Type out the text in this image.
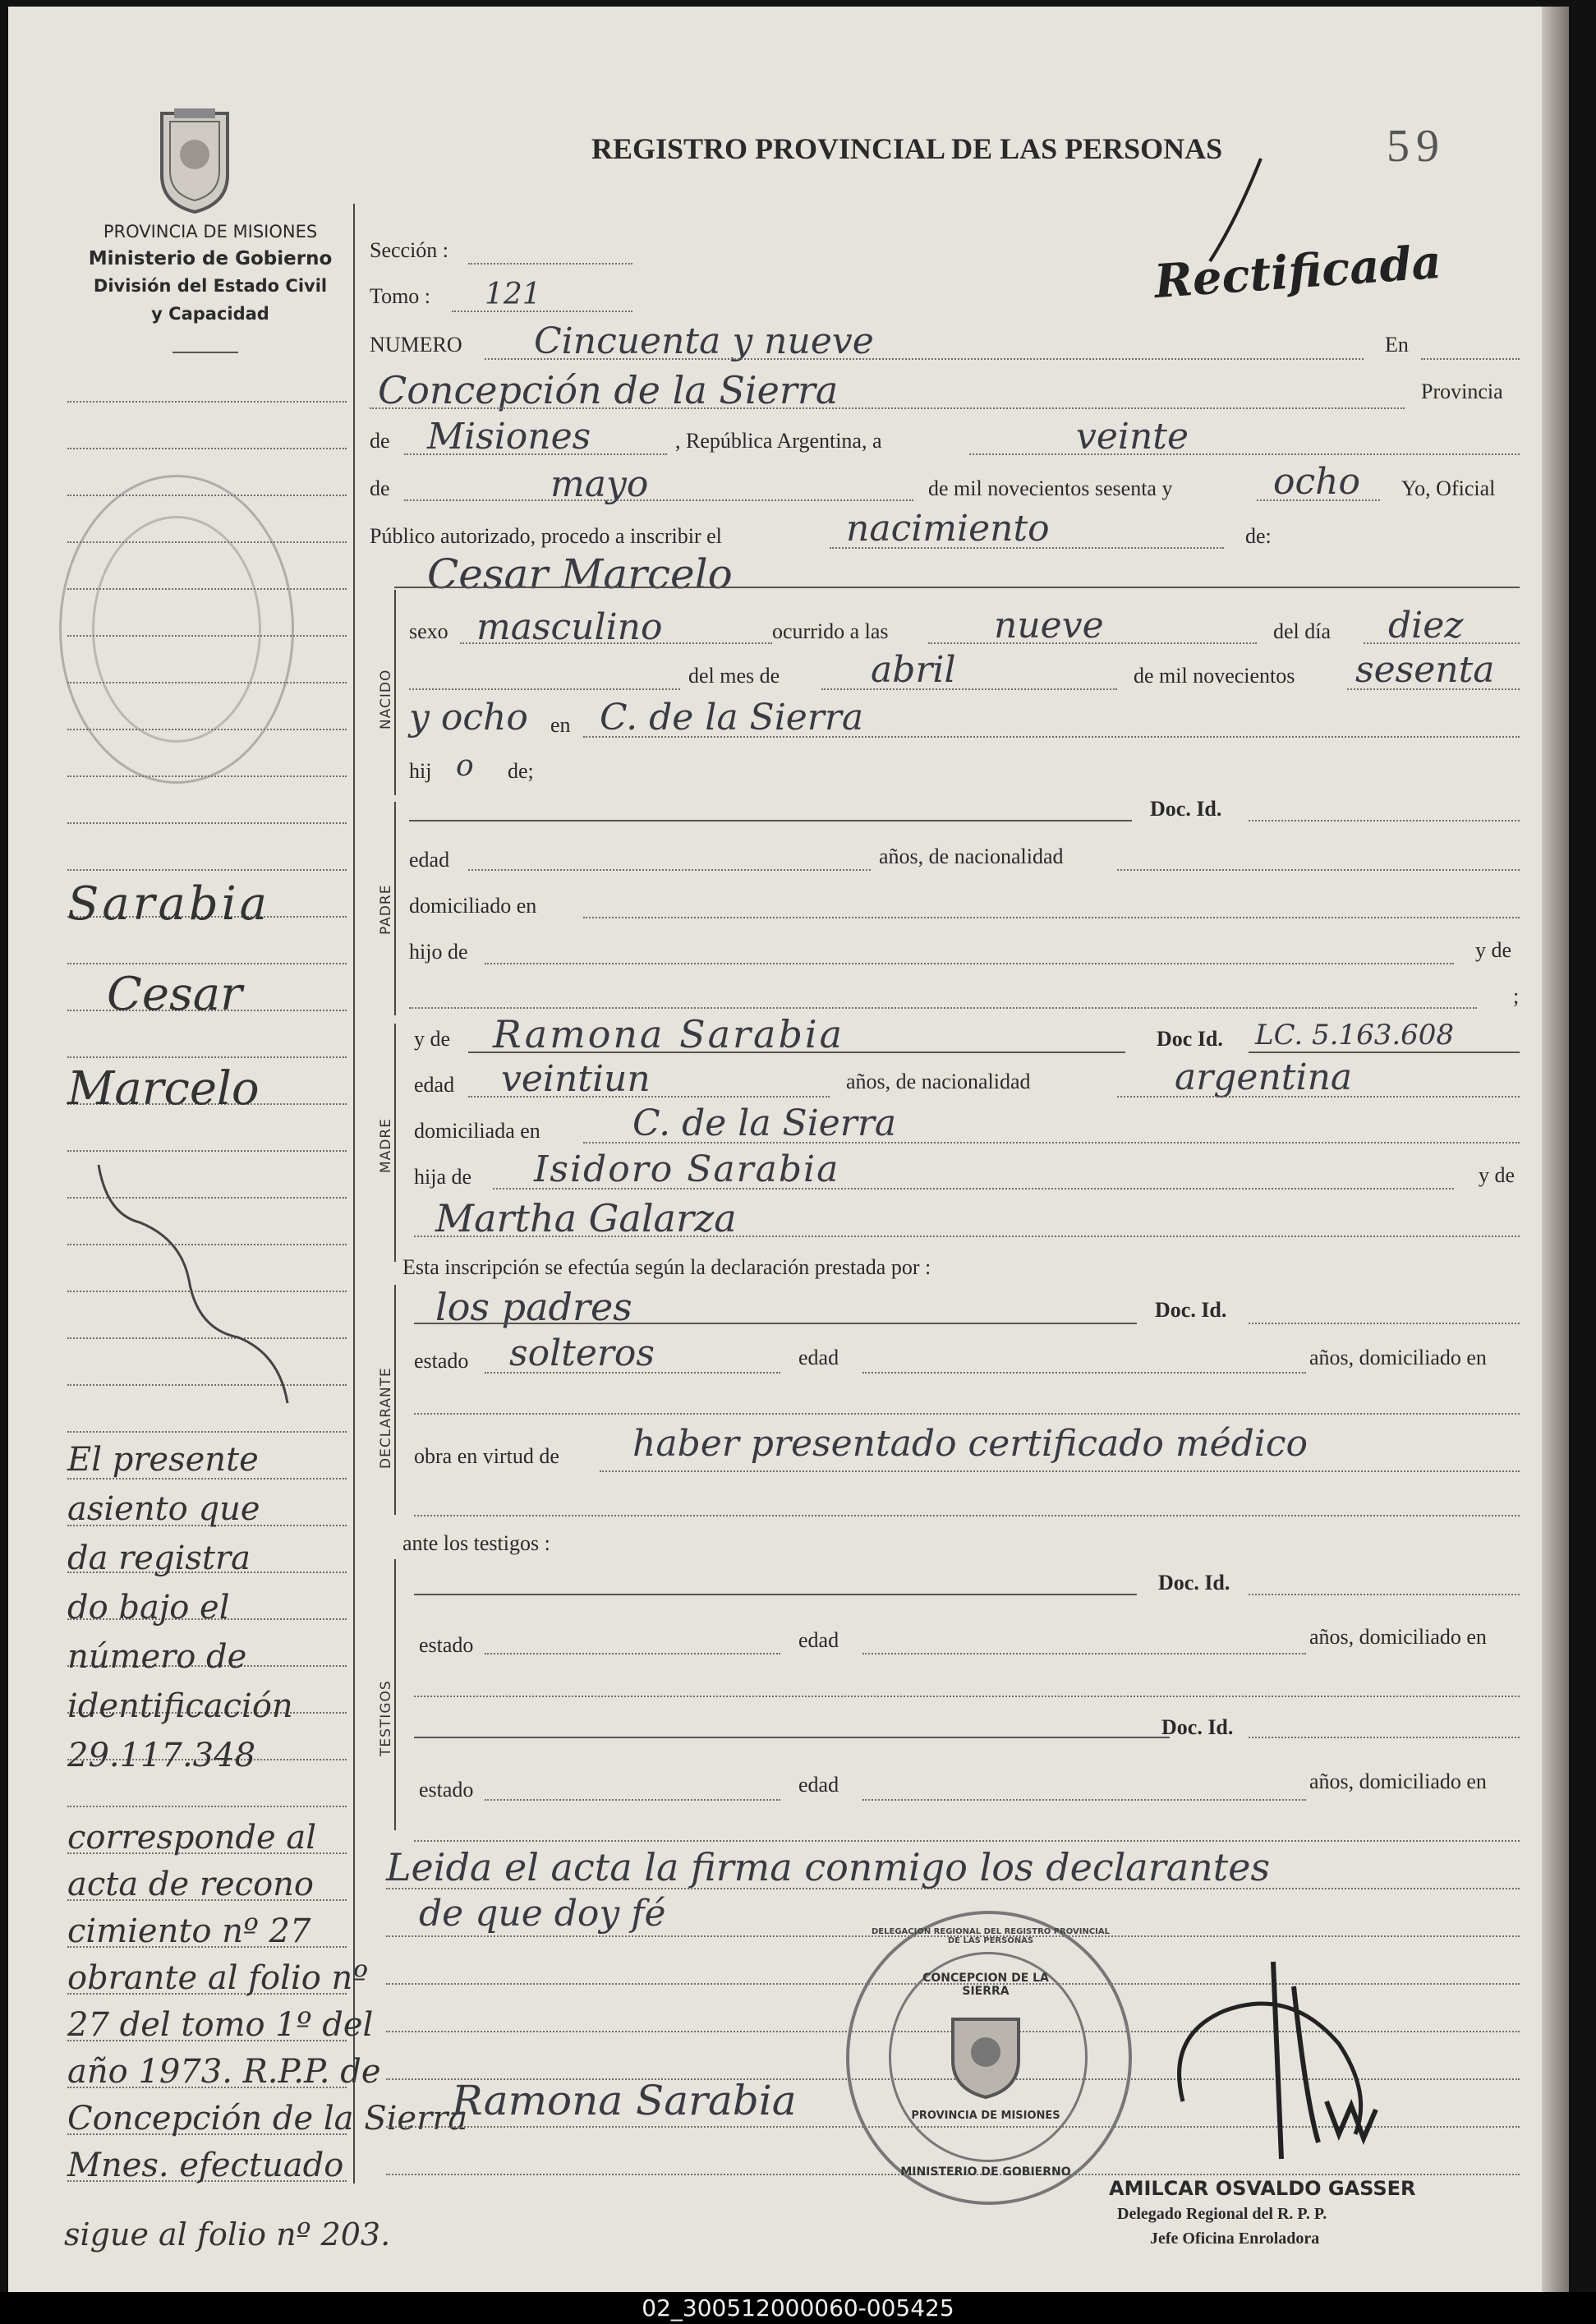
PROVINCIA DE MISIONES
Ministerio de Gobierno
División del Estado Civil
y Capacidad
REGISTRO PROVINCIAL DE LAS PERSONAS	59
Rectificada
Sarabia
Cesar
Marcelo
El presente
asiento que
da registra
do bajo el
número de
identificación
29.117.348
corresponde al
acta de recono
cimiento nº 27
obrante al folio nº
27 del tomo 1º del
año 1973. R.P.P. de
Concepción de la Sierra
Mnes. efectuado
sigue al folio nº 203.
Sección :
Tomo : 121
NUMERO Cincuenta y nueve	En
Concepción de la Sierra	Provincia
de Misiones	, República Argentina, a	veinte
de	mayo	de mil novecientos sesenta y	ocho Yo, Oficial
Público autorizado, procedo a inscribir el	nacimiento	de:
Cesar Marcelo
NACIDO
sexo masculino	ocurrido a las	nueve	del día diez
del mes de	abril	de mil novecientos sesenta
y ocho en C. de la Sierra
hij o de;
PADRE
Doc. Id.
edad	años, de nacionalidad
domiciliado en
hijo de	y de
;
MADRE
y de Ramona Sarabia	Doc Id. LC. 5.163.608
edad veintiun	años, de nacionalidad	argentina
domiciliada en	C. de la Sierra
hija de Isidoro Sarabia	y de
Martha Galarza
Esta inscripción se efectúa según la declaración prestada por :
DECLARANTE
los padres	Doc. Id.
estado solteros	edad	años, domiciliado en
obra en virtud de haber presentado certificado médico
ante los testigos :
TESTIGOS
Doc. Id.
estado	edad	años, domiciliado en
Doc. Id.
estado	edad	años, domiciliado en
Leida el acta la firma conmigo los declarantes
de que doy fé
Ramona Sarabia
DELEGACION REGIONAL DEL REGISTRO PROVINCIAL DE LAS PERSONAS
CONCEPCION DE LA SIERRA
PROVINCIA DE MISIONES
MINISTERIO DE GOBIERNO
AMILCAR OSVALDO GASSER
Delegado Regional del R. P. P.
Jefe Oficina Enroladora
02_300512000060-005425
